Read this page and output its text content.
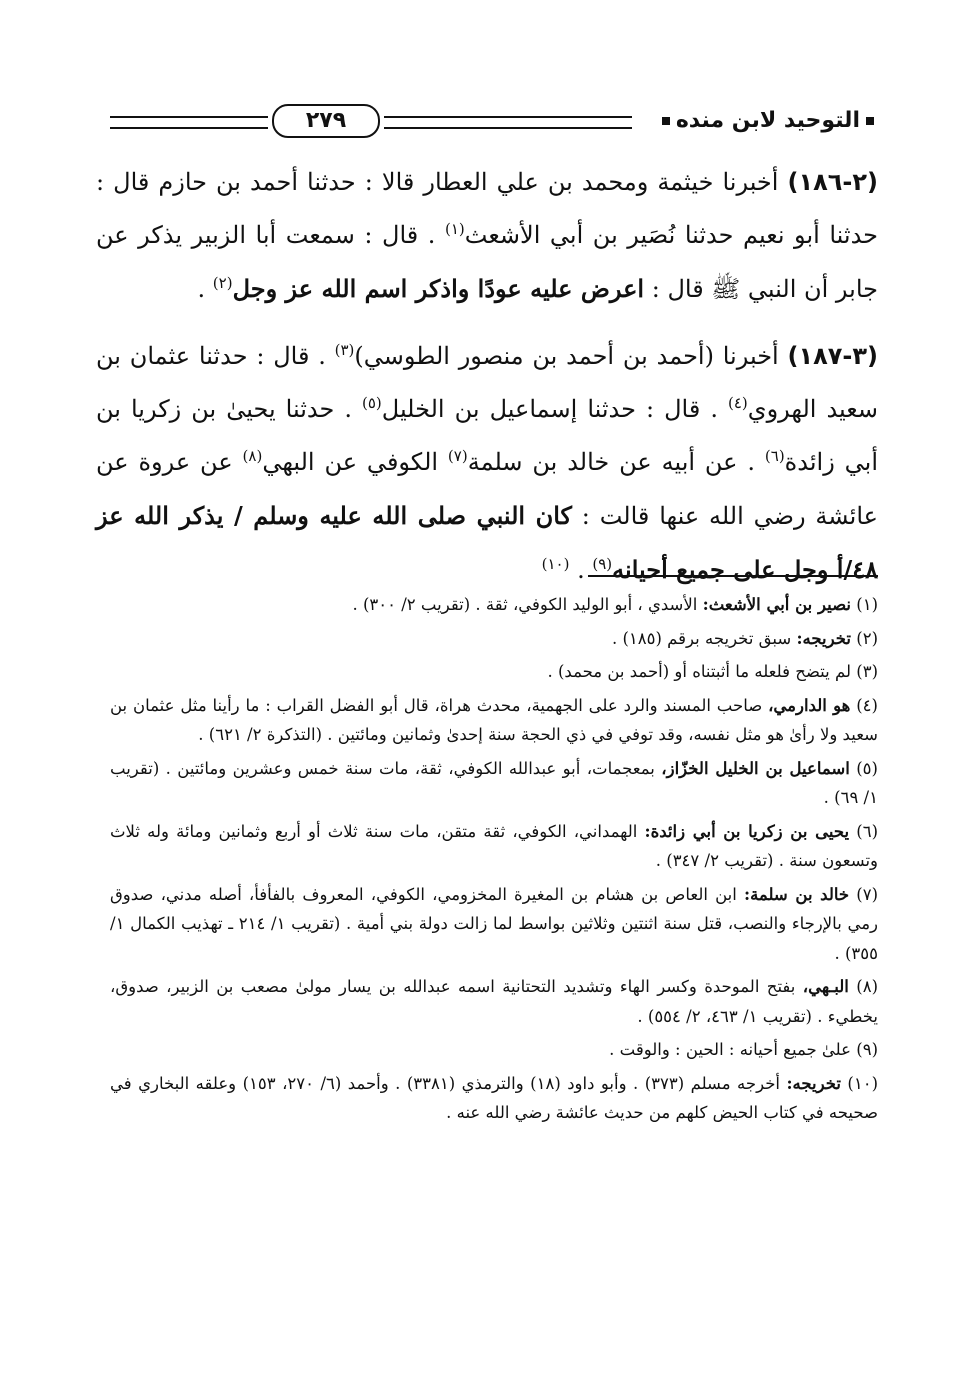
التوحيد لابن منده
٢٧٩

(٢-١٨٦) أخبرنا خيثمة ومحمد بن علي العطار قالا : حدثنا أحمد بن حازم قال : حدثنا أبو نعيم حدثنا نُصَير بن أبي الأشعث$^{(١)}$ . قال : سمعت أبا الزبير يذكر عن جابر أن النبي ﷺ قال : اعرض عليه عودًا واذكر اسم الله عز وجل$^{(٢)}$ .

(٣-١٨٧) أخبرنا (أحمد بن أحمد بن منصور الطوسي)$^{(٣)}$ . قال : حدثنا عثمان بن سعيد الهروي$^{(٤)}$ . قال : حدثنا إسماعيل بن الخليل$^{(٥)}$ . حدثنا يحيىٰ بن زكريا بن أبي زائدة$^{(٦)}$ . عن أبيه عن خالد بن سلمة$^{(٧)}$ الكوفي عن البهي$^{(٨)}$ عن عروة عن عائشة رضي الله عنها قالت : كان النبي صلى الله عليه وسلم / يذكر الله عز ٤٨/أ وجل على جميع أحيانه$^{(٩)}$ . $^{(١٠)}$

(١) نصير بن أبي الأشعث: الأسدي ، أبو الوليد الكوفي، ثقة . (تقريب ٢/ ٣٠٠) .
(٢) تخريجه: سبق تخريجه برقم (١٨٥) .
(٣) لم يتضح فلعله ما أثبتناه أو (أحمد بن محمد) .
(٤) هو الدارمي، صاحب المسند والرد على الجهمية، محدث هراة، قال أبو الفضل القراب : ما رأينا مثل عثمان بن سعيد ولا رأىٰ هو مثل نفسه، وقد توفي في ذي الحجة سنة إحدىٰ وثمانين ومائتين . (التذكرة ٢/ ٦٢١) .
(٥) اسماعيل بن الخليل الخزّاز، بمعجمات، أبو عبدالله الكوفي، ثقة، مات سنة خمس وعشرين ومائتين . (تقريب ١/ ٦٩) .
(٦) يحيى بن زكريا بن أبي زائدة: الهمداني، الكوفي، ثقة متقن، مات سنة ثلاث أو أربع وثمانين ومائة وله ثلاث وتسعون سنة . (تقريب ٢/ ٣٤٧) .
(٧) خالد بن سلمة: ابن العاص بن هشام بن المغيرة المخزومي، الكوفي، المعروف بالفأفأ، أصله مدني، صدوق رمي بالإرجاء والنصب، قتل سنة اثنتين وثلاثين بواسط لما زالت دولة بني أمية . (تقريب ١/ ٢١٤ ـ تهذيب الكمال ١/ ٣٥٥) .
(٨) البـهي، بفتح الموحدة وكسر الهاء وتشديد التحتانية اسمه عبدالله بن يسار مولىٰ مصعب بن الزبير، صدوق، يخطيء . (تقريب ١/ ٤٦٣، ٢/ ٥٥٤) .
(٩) علىٰ جميع أحيانه : الحين : والوقت .
(١٠) تخريجه: أخرجه مسلم (٣٧٣) . وأبو داود (١٨) والترمذي (٣٣٨١) . وأحمد (٦/ ٢٧٠، ١٥٣) وعلقه البخاري في صحيحه في كتاب الحيض كلهم من حديث عائشة رضي الله عنه .
